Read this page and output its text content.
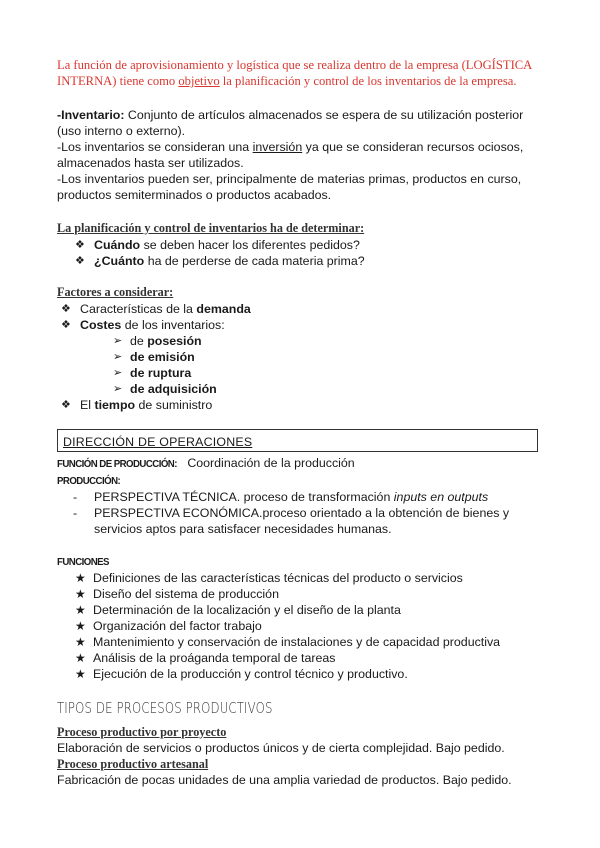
La función de aprovisionamiento y logística que se realiza dentro de la empresa (LOGÍSTICA INTERNA) tiene como objetivo la planificación y control de los inventarios de la empresa.

-Inventario: Conjunto de artículos almacenados se espera de su utilización posterior (uso interno o externo).

-Los inventarios se consideran una inversión ya que se consideran recursos ociosos, almacenados hasta ser utilizados.

-Los inventarios pueden ser, principalmente de materias primas, productos en curso, productos semiterminados o productos acabados.

La planificación y control de inventarios ha de determinar:

❖ Cuándo se deben hacer los diferentes pedidos?
❖ ¿Cuánto ha de perderse de cada materia prima?

Factores a considerar:

❖ Características de la demanda
❖ Costes de los inventarios:
➢ de posesión
➢ de emisión
➢ de ruptura
➢ de adquisición
❖ El tiempo de suministro
DIRECCIÓN DE OPERACIONES

FUNCIÓN DE PRODUCCIÓN: Coordinación de la producción

PRODUCCIÓN:

- PERSPECTIVA TÉCNICA. proceso de transformación inputs en outputs
- PERSPECTIVA ECONÓMICA.proceso orientado a la obtención de bienes y servicios aptos para satisfacer necesidades humanas.

FUNCIONES

★ Definiciones de las características técnicas del producto o servicios
★ Diseño del sistema de producción
★ Determinación de la localización y el diseño de la planta
★ Organización del factor trabajo
★ Mantenimiento y conservación de instalaciones y de capacidad productiva
★ Análisis de la proáganda temporal de tareas
★ Ejecución de la producción y control técnico y productivo.

TIPOS DE PROCESOS PRODUCTIVOS

Proceso productivo por proyecto

Elaboración de servicios o productos únicos y de cierta complejidad. Bajo pedido.

Proceso productivo artesanal

Fabricación de pocas unidades de una amplia variedad de productos. Bajo pedido.
